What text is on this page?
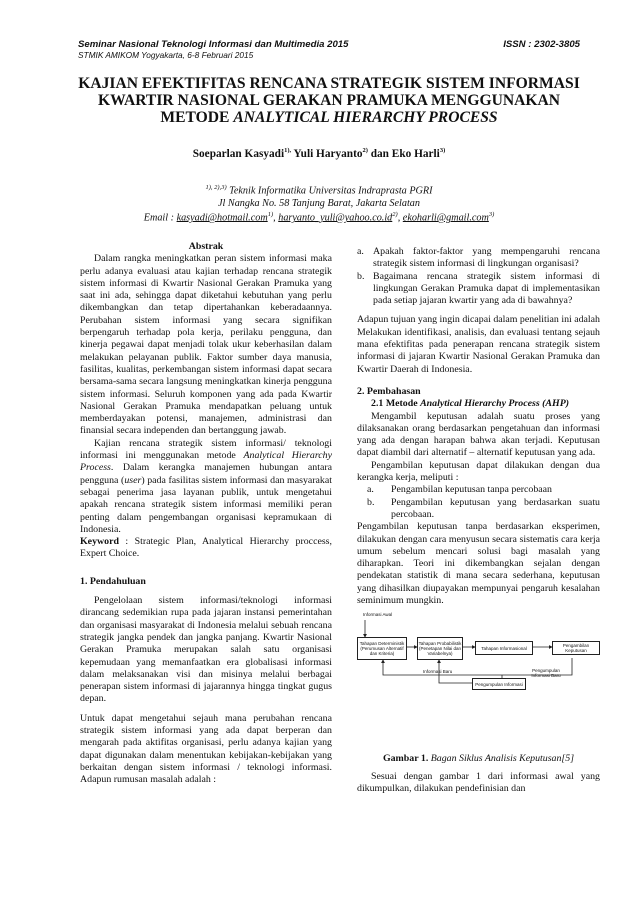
Seminar Nasional Teknologi Informasi dan Multimedia 2015	ISSN : 2302-3805
STMIK AMIKOM Yogyakarta, 6-8 Februari 2015
KAJIAN EFEKTIFITAS RENCANA STRATEGIK SISTEM INFORMASI
KWARTIR NASIONAL GERAKAN PRAMUKA MENGGUNAKAN
METODE ANALYTICAL HIERARCHY PROCESS
Soeparlan Kasyadi$^{1),}$ Yuli Haryanto$^{2)}$ dan Eko Harli$^{3)}$
$^{1), 2),3)}$ Teknik Informatika Universitas Indraprasta PGRI
Jl Nangka No. 58 Tanjung Barat, Jakarta Selatan
Email : kasyadi@hotmail.com$^{1)}$, $haryanto\_yuli@yahoo.co.id^{2)}$, ekoharli@gmail.com$^{3)}$

Abstrak

Dalam rangka meningkatkan peran sistem informasi maka perlu adanya evaluasi atau kajian terhadap rencana strategik sistem informasi di Kwartir Nasional Gerakan Pramuka yang saat ini ada, sehingga dapat diketahui kebutuhan yang perlu dikembangkan dan tetap dipertahankan keberadaannya. Perubahan sistem informasi yang secara signifikan berpengaruh terhadap pola kerja, perilaku pengguna, dan kinerja pegawai dapat menjadi tolak ukur keberhasilan dalam melakukan pelayanan publik. Faktor sumber daya manusia, fasilitas, kualitas, perkembangan sistem informasi dapat secara bersama-sama secara langsung meningkatkan kinerja pengguna sistem informasi. Seluruh komponen yang ada pada Kwartir Nasional Gerakan Pramuka mendapatkan peluang untuk memberdayakan potensi, manajemen, administrasi dan finansial secara independen dan bertanggung jawab.

Kajian rencana strategik sistem informasi/ teknologi informasi ini menggunakan metode Analytical Hierarchy Process. Dalam kerangka manajemen hubungan antara pengguna (user) pada fasilitas sistem informasi dan masyarakat sebagai penerima jasa layanan publik, untuk mengetahui apakah rencana strategik sistem informasi memiliki peran penting dalam pengembangan organisasi kepramukaan di Indonesia.

Keyword : Strategic Plan, Analytical Hierarchy proccess, Expert Choice.

1. Pendahuluan

Pengelolaan sistem informasi/teknologi informasi dirancang sedemikian rupa pada jajaran instansi pemerintahan dan organisasi masyarakat di Indonesia melalui sebuah rencana strategik jangka pendek dan jangka panjang. Kwartir Nasional Gerakan Pramuka merupakan salah satu organisasi kepemudaan yang memanfaatkan era globalisasi informasi dalam melaksanakan visi dan misinya melalui berbagai penerapan sistem informasi di jajarannya hingga tingkat gugus depan.

Untuk dapat mengetahui sejauh mana perubahan rencana strategik sistem informasi yang ada dapat berperan dan mengarah pada aktifitas organisasi, perlu adanya kajian yang dapat digunakan dalam menentukan kebijakan-kebijakan yang berkaitan dengan sistem informasi / teknologi informasi. Adapun rumusan masalah adalah :

a. Apakah faktor-faktor yang mempengaruhi rencana strategik sistem informasi di lingkungan organisasi?
b. Bagaimana rencana strategik sistem informasi di lingkungan Gerakan Pramuka dapat di implementasikan pada setiap jajaran kwartir yang ada di bawahnya?

Adapun tujuan yang ingin dicapai dalam penelitian ini adalah Melakukan identifikasi, analisis, dan evaluasi tentang sejauh mana efektifitas pada penerapan rencana strategik sistem informasi di jajaran Kwartir Nasional Gerakan Pramuka dan Kwartir Daerah di Indonesia.

2. Pembahasan

2.1 Metode Analytical Hierarchy Process (AHP)

Mengambil keputusan adalah suatu proses yang dilaksanakan orang berdasarkan pengetahuan dan informasi yang ada dengan harapan bahwa akan terjadi. Keputusan dapat diambil dari alternatif – alternatif keputusan yang ada.

Pengambilan keputusan dapat dilakukan dengan dua kerangka kerja, meliputi :

a.	Pengambilan keputusan tanpa percobaan
b.	Pengambilan keputusan yang berdasarkan suatu percobaan.

Pengambilan keputusan tanpa berdasarkan eksperimen, dilakukan dengan cara menyusun secara sistematis cara kerja umum sebelum mencari solusi bagi masalah yang diharapkan. Teori ini dikembangkan sejalan dengan pendekatan statistik di mana secara sederhana, keputusan yang dihasilkan diupayakan mempunyai pengaruh kesalahan seminimum mungkin.

Informasi Awal
Tahapan Deterministik (Perumusan Alternatif dan Kriteria)
Tahapan Probabilistik (Penetapan Nilai dan Variabelnya)
Tahapan Informasional	Pengambilan Keputusan
Pengumpulan Informasi
Informasi Baru	Pengumpulan Informasi Baru

Gambar 1. Bagan Siklus Analisis Keputusan[5]

Sesuai dengan gambar 1 dari informasi awal yang dikumpulkan, dilakukan pendefinisian dan
